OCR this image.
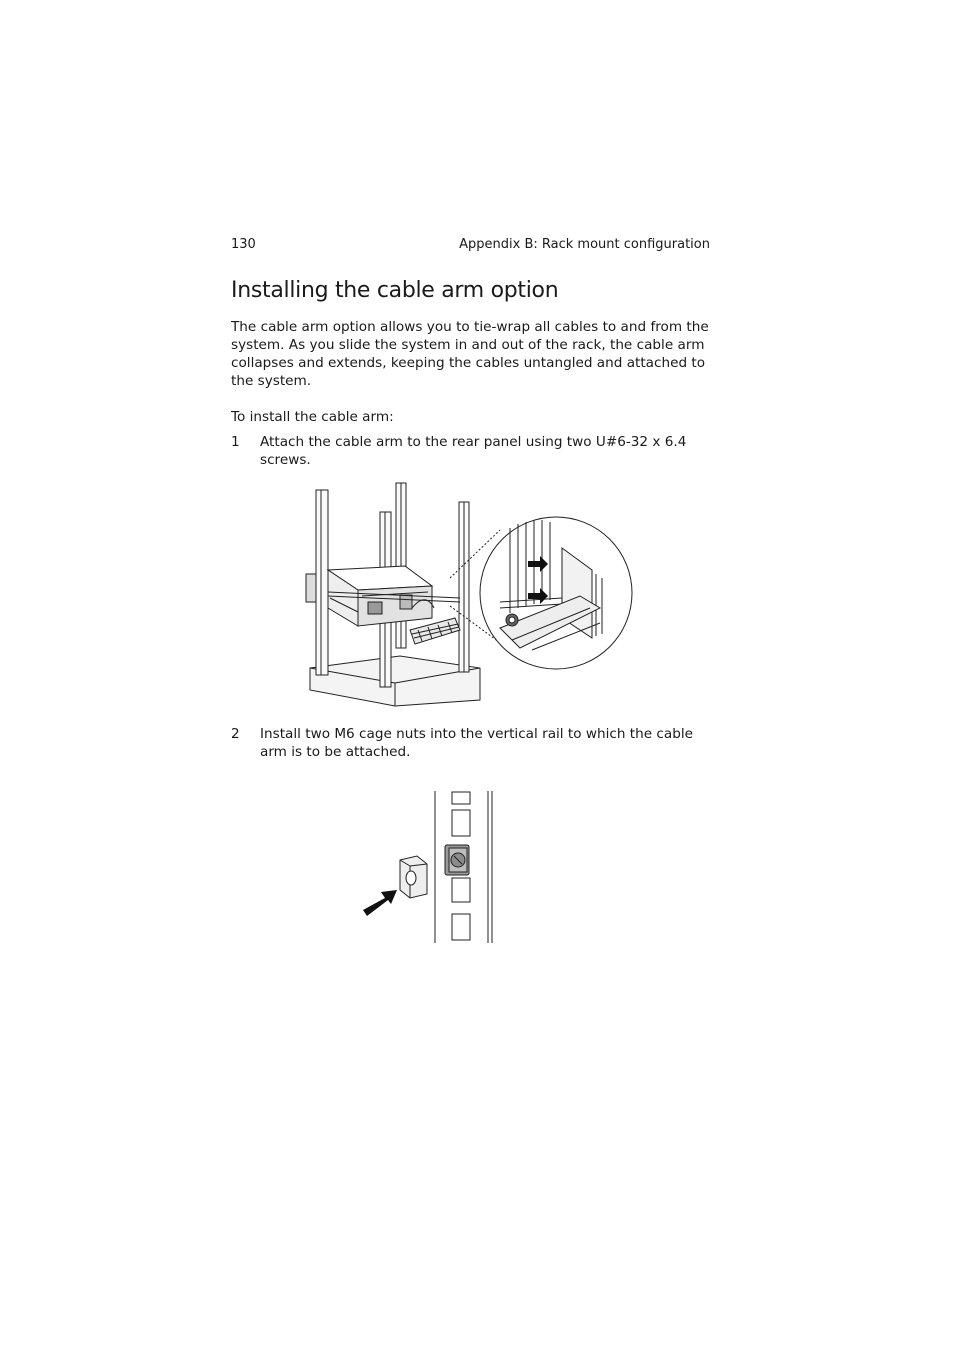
130	Appendix B: Rack mount configuration
Installing the cable arm option

The cable arm option allows you to tie-wrap all cables to and from the system. As you slide the system in and out of the rack, the cable arm collapses and extends, keeping the cables untangled and attached to the system.

To install the cable arm:
1 Attach the cable arm to the rear panel using two U#6-32 x 6.4 screws.
2 Install two M6 cage nuts into the vertical rail to which the cable arm is to be attached.
